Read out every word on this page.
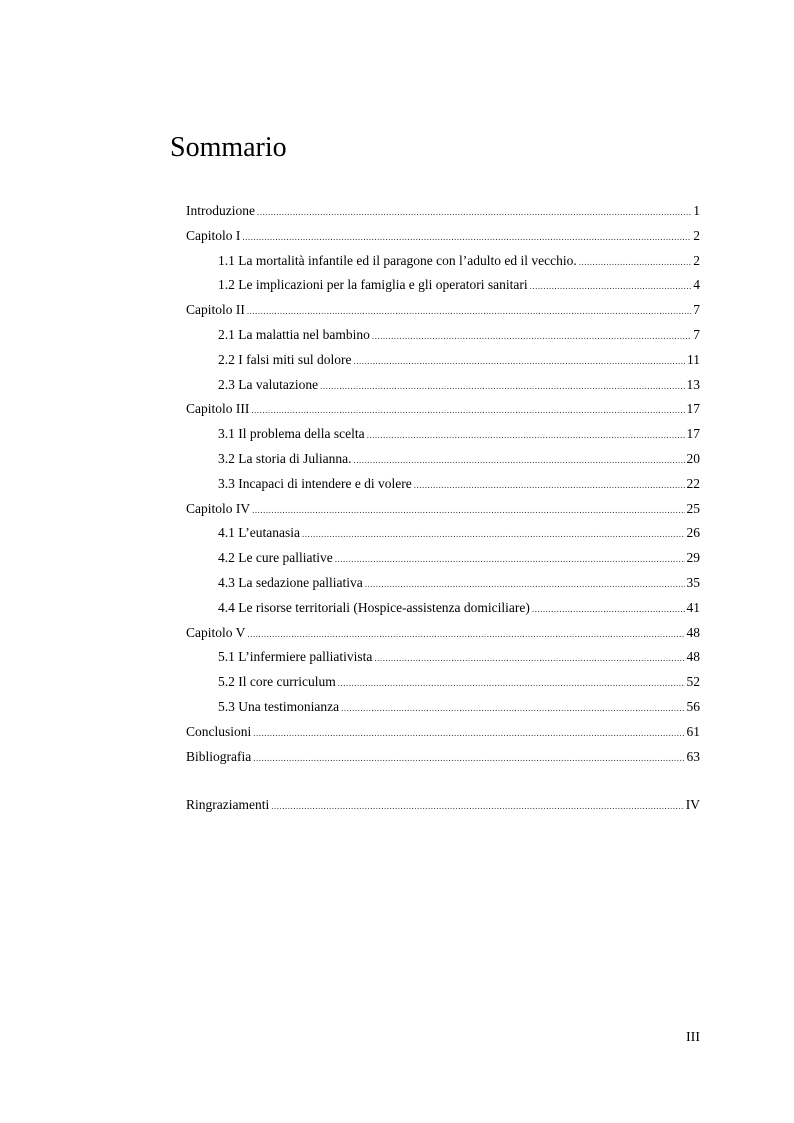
Sommario
Introduzione .....	1
Capitolo I .....	2
1.1 La mortalità infantile ed il paragone con l’adulto ed il vecchio. .....	2
1.2 Le implicazioni per la famiglia e gli operatori sanitari .....	4
Capitolo II .....	7
2.1 La malattia nel bambino .....	7
2.2 I falsi miti sul dolore .....	11
2.3 La valutazione .....	13
Capitolo III .....	17
3.1 Il problema della scelta .....	17
3.2 La storia di Julianna. .....	20
3.3 Incapaci di intendere e di volere .....	22
Capitolo IV .....	25
4.1 L’eutanasia .....	26
4.2 Le cure palliative .....	29
4.3 La sedazione palliativa .....	35
4.4 Le risorse territoriali (Hospice-assistenza domiciliare) .....	41
Capitolo V .....	48
5.1 L’infermiere palliativista .....	48
5.2 Il core curriculum .....	52
5.3 Una testimonianza .....	56
Conclusioni .....	61
Bibliografia .....	63
Ringraziamenti .....	IV
III
